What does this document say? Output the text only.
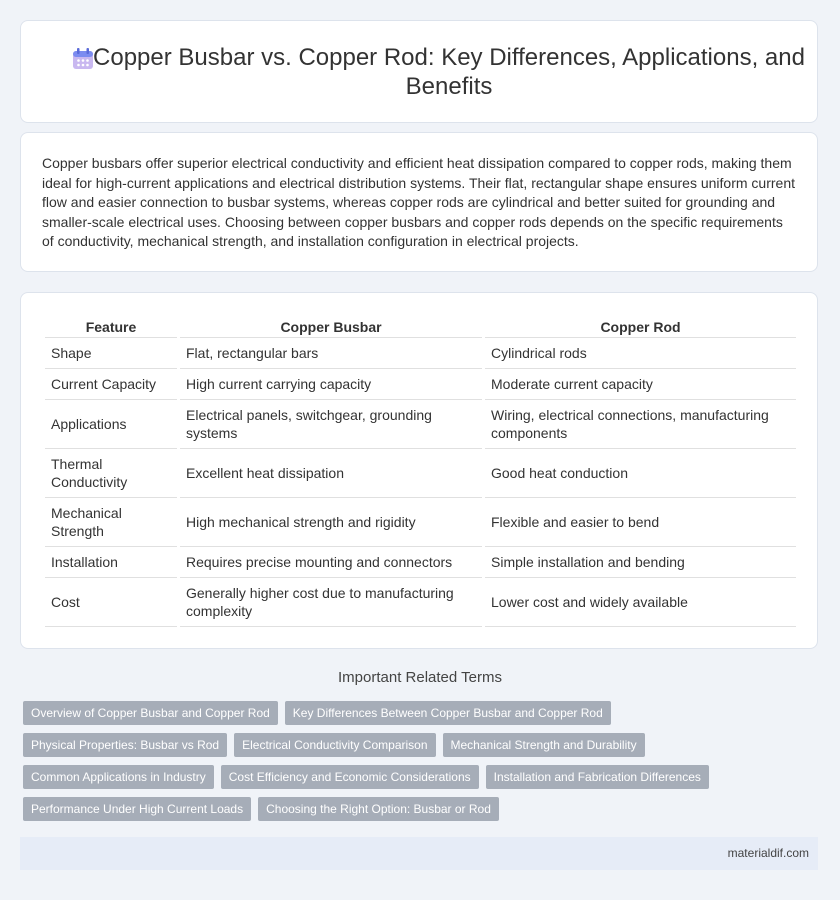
Copper Busbar vs. Copper Rod: Key Differences, Applications, and Benefits

Copper busbars offer superior electrical conductivity and efficient heat dissipation compared to copper rods, making them ideal for high-current applications and electrical distribution systems. Their flat, rectangular shape ensures uniform current flow and easier connection to busbar systems, whereas copper rods are cylindrical and better suited for grounding and smaller-scale electrical uses. Choosing between copper busbars and copper rods depends on the specific requirements of conductivity, mechanical strength, and installation configuration in electrical projects.

Feature	Copper Busbar	Copper Rod
Shape	Flat, rectangular bars	Cylindrical rods
Current Capacity	High current carrying capacity	Moderate current capacity
Applications	Electrical panels, switchgear, grounding systems	Wiring, electrical connections, manufacturing components
Thermal Conductivity	Excellent heat dissipation	Good heat conduction
Mechanical Strength	High mechanical strength and rigidity	Flexible and easier to bend
Installation	Requires precise mounting and connectors	Simple installation and bending
Cost	Generally higher cost due to manufacturing complexity	Lower cost and widely available
Important Related Terms
Overview of Copper Busbar and Copper Rod	Key Differences Between Copper Busbar and Copper Rod
Physical Properties: Busbar vs Rod	Electrical Conductivity Comparison	Mechanical Strength and Durability
Common Applications in Industry	Cost Efficiency and Economic Considerations	Installation and Fabrication Differences
Performance Under High Current Loads	Choosing the Right Option: Busbar or Rod
materialdif.com
